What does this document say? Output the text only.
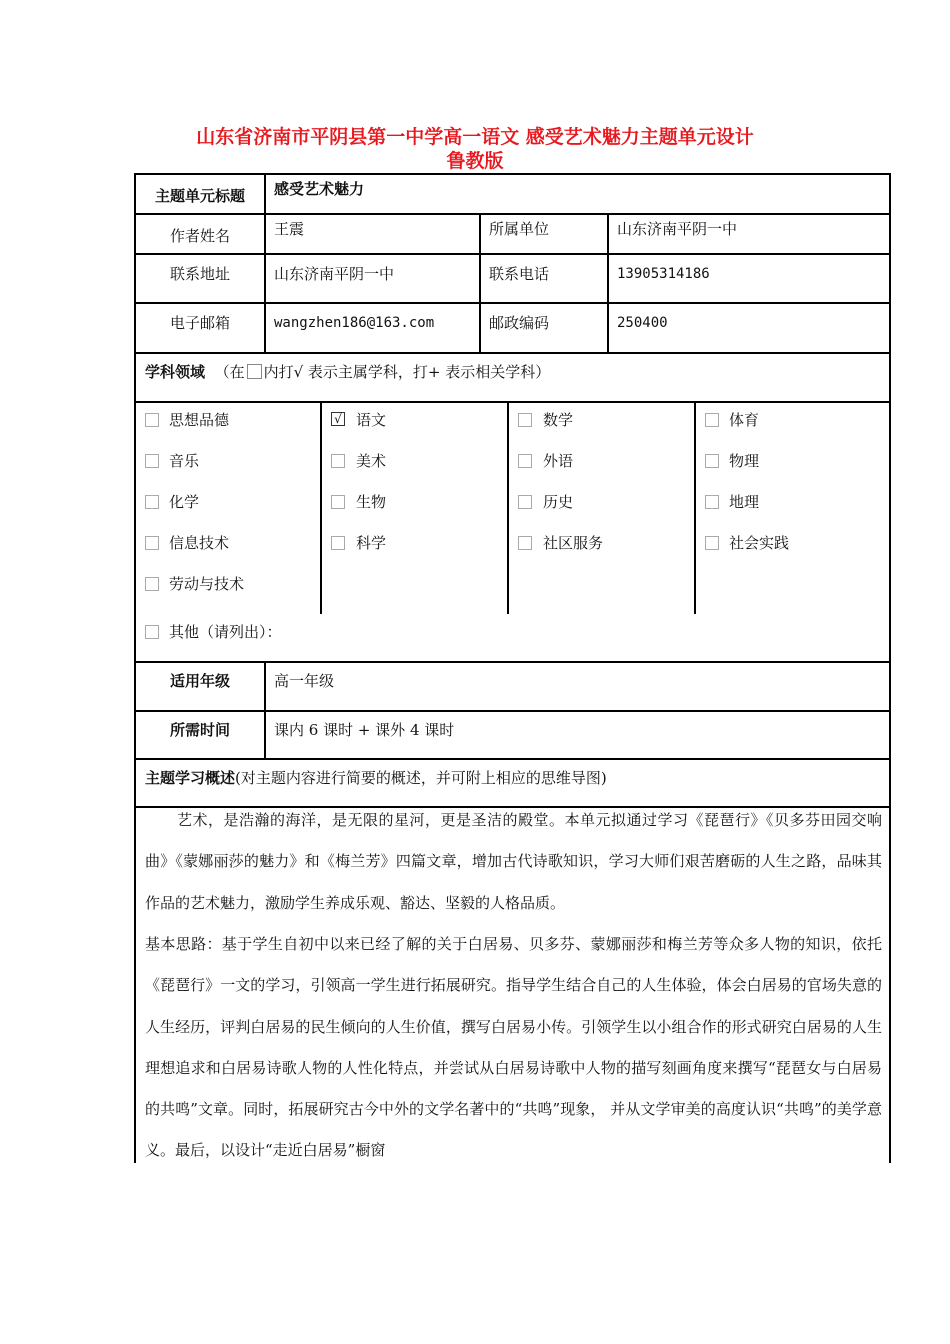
山东省济南市平阴县第一中学高一语文 感受艺术魅力主题单元设计
鲁教版
主题单元标题	感受艺术魅力
作者姓名	王震	所属单位	山东济南平阴一中
联系地址	山东济南平阴一中	联系电话	13905314186
电子邮箱	wangzhen186@163.com	邮政编码	250400
学科领域 （在 内打√ 表示主属学科，打+ 表示相关学科）
思想品德
音乐
化学
信息技术
劳动与技术
√ 语文
美术
生物
科学
数学
外语
历史
社区服务
体育
物理
地理
社会实践
其他（请列出）：
适用年级	高一年级
所需时间	课内 6 课时 + 课外 4 课时
主题学习概述(对主题内容进行简要的概述，并可附上相应的思维导图)
艺术，是浩瀚的海洋，是无限的星河，更是圣洁的殿堂。本单元拟通过学习《琵琶行》《贝多芬田园交响曲》《蒙娜丽莎的魅力》和《梅兰芳》四篇文章，增加古代诗歌知识，学习大师们艰苦磨砺的人生之路，品味其作品的艺术魅力，激励学生养成乐观、豁达、坚毅的人格品质。
基本思路：基于学生自初中以来已经了解的关于白居易、贝多芬、蒙娜丽莎和梅兰芳等众多人物的知识，依托《琵琶行》一文的学习，引领高一学生进行拓展研究。指导学生结合自己的人生体验，体会白居易的官场失意的人生经历，评判白居易的民生倾向的人生价值，撰写白居易小传。引领学生以小组合作的形式研究白居易的人生理想追求和白居易诗歌人物的人性化特点，并尝试从白居易诗歌中人物的描写刻画角度来撰写“琵琶女与白居易的共鸣”文章。同时，拓展研究古今中外的文学名著中的“共鸣”现象， 并从文学审美的高度认识“共鸣”的美学意义。最后，以设计“走近白居易”橱窗
